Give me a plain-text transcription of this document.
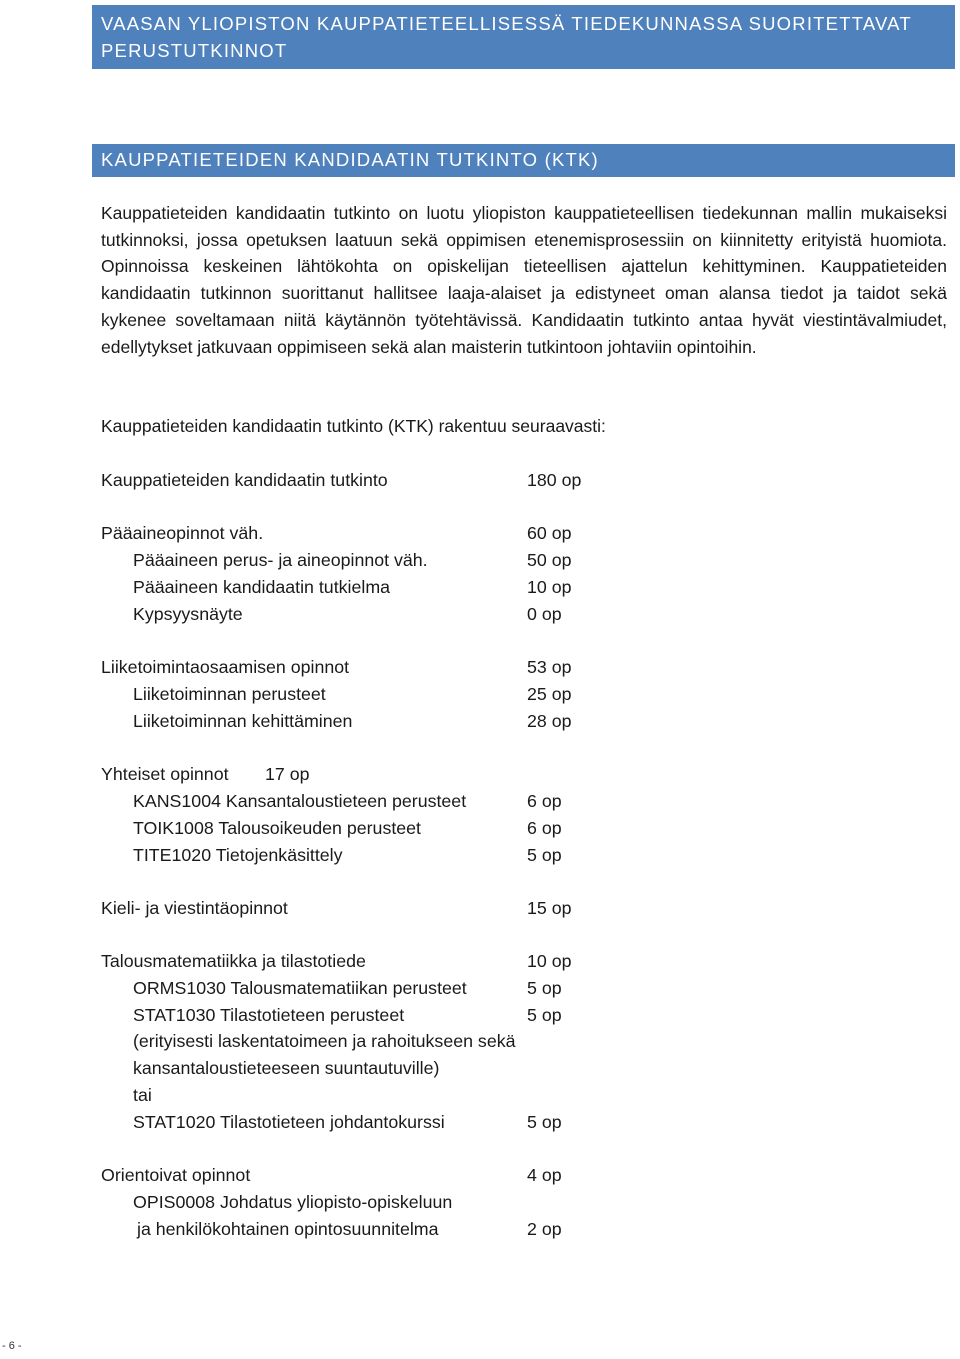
VAASAN YLIOPISTON KAUPPATIETEELLISESSÄ TIEDEKUNNASSA SUORITETTAVAT PERUSTUTKINNOT
KAUPPATIETEIDEN KANDIDAATIN TUTKINTO (KTK)
Kauppatieteiden kandidaatin tutkinto on luotu yliopiston kauppatieteellisen tiedekunnan mallin mukaiseksi tutkinnoksi, jossa opetuksen laatuun sekä oppimisen etenemisprosessiin on kiinnitetty erityistä huomiota. Opinnoissa keskeinen lähtökohta on opiskelijan tieteellisen ajattelun kehittyminen. Kauppatieteiden kandidaatin tutkinnon suorittanut hallitsee laaja-alaiset ja edistyneet oman alansa tiedot ja taidot sekä kykenee soveltamaan niitä käytännön työtehtävissä. Kandidaatin tutkinto antaa hyvät viestintävalmiudet, edellytykset jatkuvaan oppimiseen sekä alan maisterin tutkintoon johtaviin opintoihin.
Kauppatieteiden kandidaatin tutkinto (KTK) rakentuu seuraavasti:
Kauppatieteiden kandidaatin tutkinto	180 op
Pääaineopinnot väh.	60 op
Pääaineen perus- ja aineopinnot väh.	50 op
Pääaineen kandidaatin tutkielma	10 op
Kypsyysnäyte	0 op
Liiketoimintaosaamisen opinnot	53 op
Liiketoiminnan perusteet	25 op
Liiketoiminnan kehittäminen	28 op
Yhteiset opinnot 17 op
KANS1004 Kansantaloustieteen perusteet	6 op
TOIK1008 Talousoikeuden perusteet	6 op
TITE1020 Tietojenkäsittely	5 op
Kieli- ja viestintäopinnot	15 op
Talousmatematiikka ja tilastotiede	10 op
ORMS1030 Talousmatematiikan perusteet	5 op
STAT1030 Tilastotieteen perusteet	5 op
(erityisesti laskentatoimeen ja rahoitukseen sekä
kansantaloustieteeseen suuntautuville)
tai
STAT1020 Tilastotieteen johdantokurssi	5 op
Orientoivat opinnot	4 op
OPIS0008 Johdatus yliopisto-opiskeluun
ja henkilökohtainen opintosuunnitelma	2 op
- 6 -
